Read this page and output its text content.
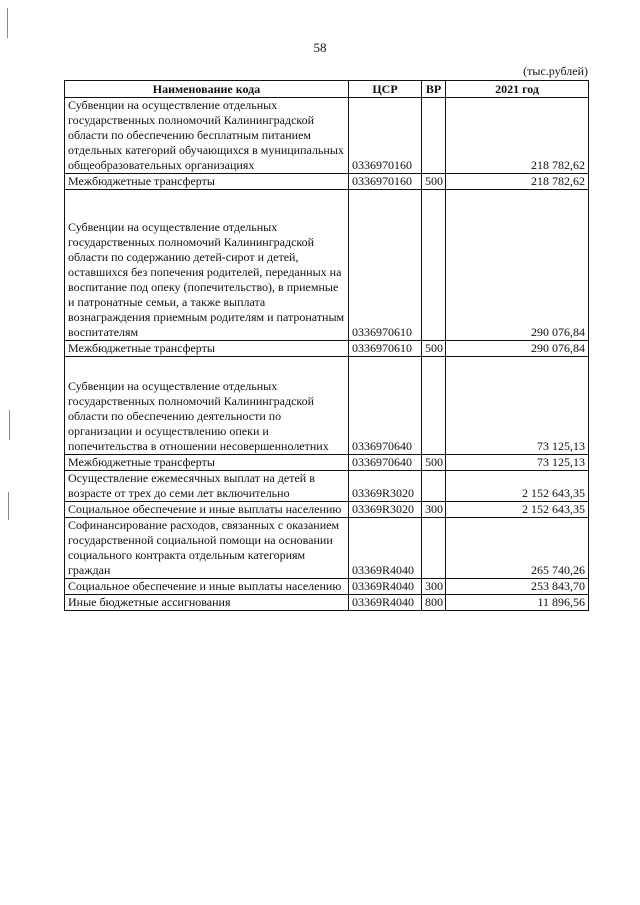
58
(тыс.рублей)
Наименование кода	ЦСР	ВР	2021 год
Субвенции на осуществление отдельных государственных полномочий Калининградской области по обеспечению бесплатным питанием отдельных категорий обучающихся в муниципальных общеобразовательных организациях	0336970160		218 782,62
Межбюджетные трансферты	0336970160	500	218 782,62

Субвенции на осуществление отдельных государственных полномочий Калининградской области по содержанию детей-сирот и детей, оставшихся без попечения родителей, переданных на воспитание под опеку (попечительство), в приемные и патронатные семьи, а также выплата вознаграждения приемным родителям и патронатным воспитателям	0336970610		290 076,84
Межбюджетные трансферты	0336970610	500	290 076,84

Субвенции на осуществление отдельных государственных полномочий Калининградской области по обеспечению деятельности по организации и осуществлению опеки и попечительства в отношении несовершеннолетних	0336970640		73 125,13
Межбюджетные трансферты	0336970640	500	73 125,13
Осуществление ежемесячных выплат на детей в возрасте от трех до семи лет включительно	03369R3020		2 152 643,35
Социальное обеспечение и иные выплаты населению	03369R3020	300	2 152 643,35
Софинансирование расходов, связанных с оказанием государственной социальной помощи на основании социального контракта отдельным категориям граждан	03369R4040		265 740,26
Социальное обеспечение и иные выплаты населению	03369R4040	300	253 843,70
Иные бюджетные ассигнования	03369R4040	800	11 896,56
